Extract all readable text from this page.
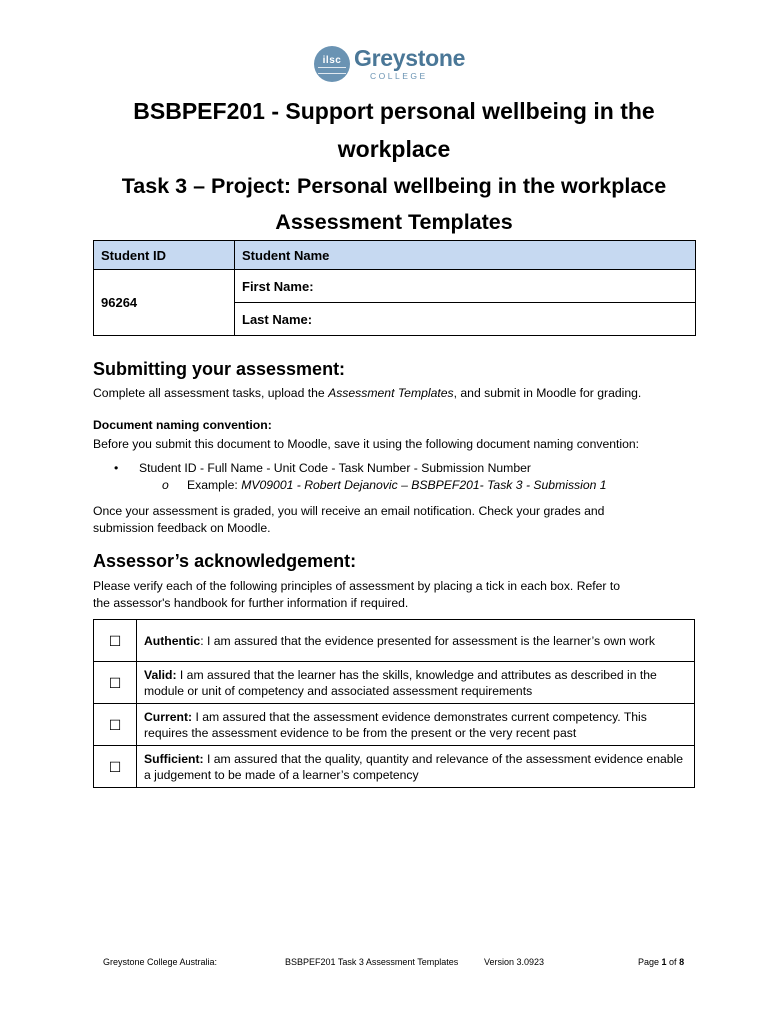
ilsc Greystone
COLLEGE
BSBPEF201 - Support personal wellbeing in the
workplace
Task 3 – Project: Personal wellbeing in the workplace
Assessment Templates
Student ID	Student Name
96264	First Name:
	Last Name:
Submitting your assessment:
Complete all assessment tasks, upload the Assessment Templates, and submit in Moodle for grading.
Document naming convention:
Before you submit this document to Moodle, save it using the following document naming convention:
• Student ID - Full Name - Unit Code - Task Number - Submission Number
o Example: MV09001 - Robert Dejanovic – BSBPEF201- Task 3 - Submission 1
Once your assessment is graded, you will receive an email notification. Check your grades and
submission feedback on Moodle.
Assessor’s acknowledgement:
Please verify each of the following principles of assessment by placing a tick in each box. Refer to
the assessor's handbook for further information if required.
☐	Authentic: I am assured that the evidence presented for assessment is the learner’s own work
☐	Valid: I am assured that the learner has the skills, knowledge and attributes as described in the module or unit of competency and associated assessment requirements
☐	Current: I am assured that the assessment evidence demonstrates current competency. This requires the assessment evidence to be from the present or the very recent past
☐	Sufficient: I am assured that the quality, quantity and relevance of the assessment evidence enable a judgement to be made of a learner’s competency
Greystone College Australia:	BSBPEF201 Task 3 Assessment Templates	Version 3.0923	Page 1 of 8
